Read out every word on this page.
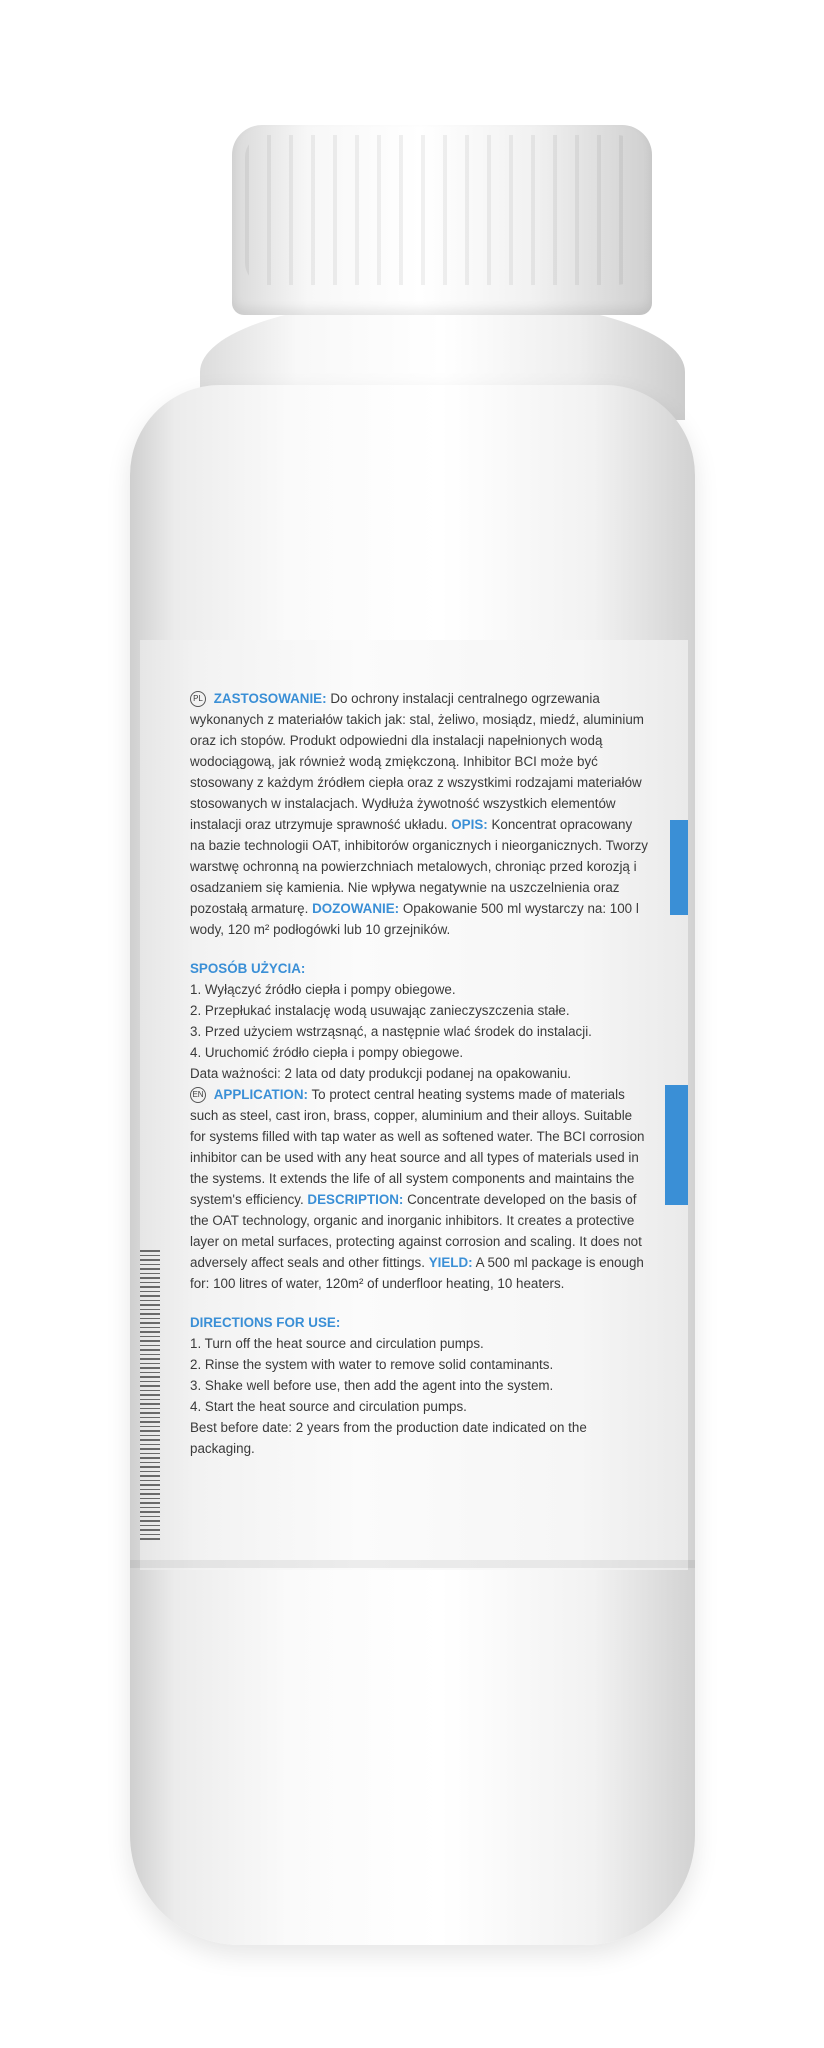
PL ZASTOSOWANIE: Do ochrony instalacji centralnego ogrzewania wykonanych z materiałów takich jak: stal, żeliwo, mosiądz, miedź, aluminium oraz ich stopów. Produkt odpowiedni dla instalacji napełnionych wodą wodociągową, jak również wodą zmiękczoną. Inhibitor BCI może być stosowany z każdym źródłem ciepła oraz z wszystkimi rodzajami materiałów stosowanych w instalacjach. Wydłuża żywotność wszystkich elementów instalacji oraz utrzymuje sprawność układu. OPIS: Koncentrat opracowany na bazie technologii OAT, inhibitorów organicznych i nieorganicznych. Tworzy warstwę ochronną na powierzchniach metalowych, chroniąc przed korozją i osadzaniem się kamienia. Nie wpływa negatywnie na uszczelnienia oraz pozostałą armaturę. DOZOWANIE: Opakowanie 500 ml wystarczy na: 100 l wody, 120 m² podłogówki lub 10 grzejników.

SPOSÓB UŻYCIA:

1. Wyłączyć źródło ciepła i pompy obiegowe.
2. Przepłukać instalację wodą usuwając zanieczyszczenia stałe.
3. Przed użyciem wstrząsnąć, a następnie wlać środek do instalacji.
4. Uruchomić źródło ciepła i pompy obiegowe.

Data ważności: 2 lata od daty produkcji podanej na opakowaniu.

EN APPLICATION: To protect central heating systems made of materials such as steel, cast iron, brass, copper, aluminium and their alloys. Suitable for systems filled with tap water as well as softened water. The BCI corrosion inhibitor can be used with any heat source and all types of materials used in the systems. It extends the life of all system components and maintains the system's efficiency. DESCRIPTION: Concentrate developed on the basis of the OAT technology, organic and inorganic inhibitors. It creates a protective layer on metal surfaces, protecting against corrosion and scaling. It does not adversely affect seals and other fittings. YIELD: A 500 ml package is enough for: 100 litres of water, 120m² of underfloor heating, 10 heaters.

DIRECTIONS FOR USE:

1. Turn off the heat source and circulation pumps.
2. Rinse the system with water to remove solid contaminants.
3. Shake well before use, then add the agent into the system.
4. Start the heat source and circulation pumps.

Best before date: 2 years from the production date indicated on the packaging.
